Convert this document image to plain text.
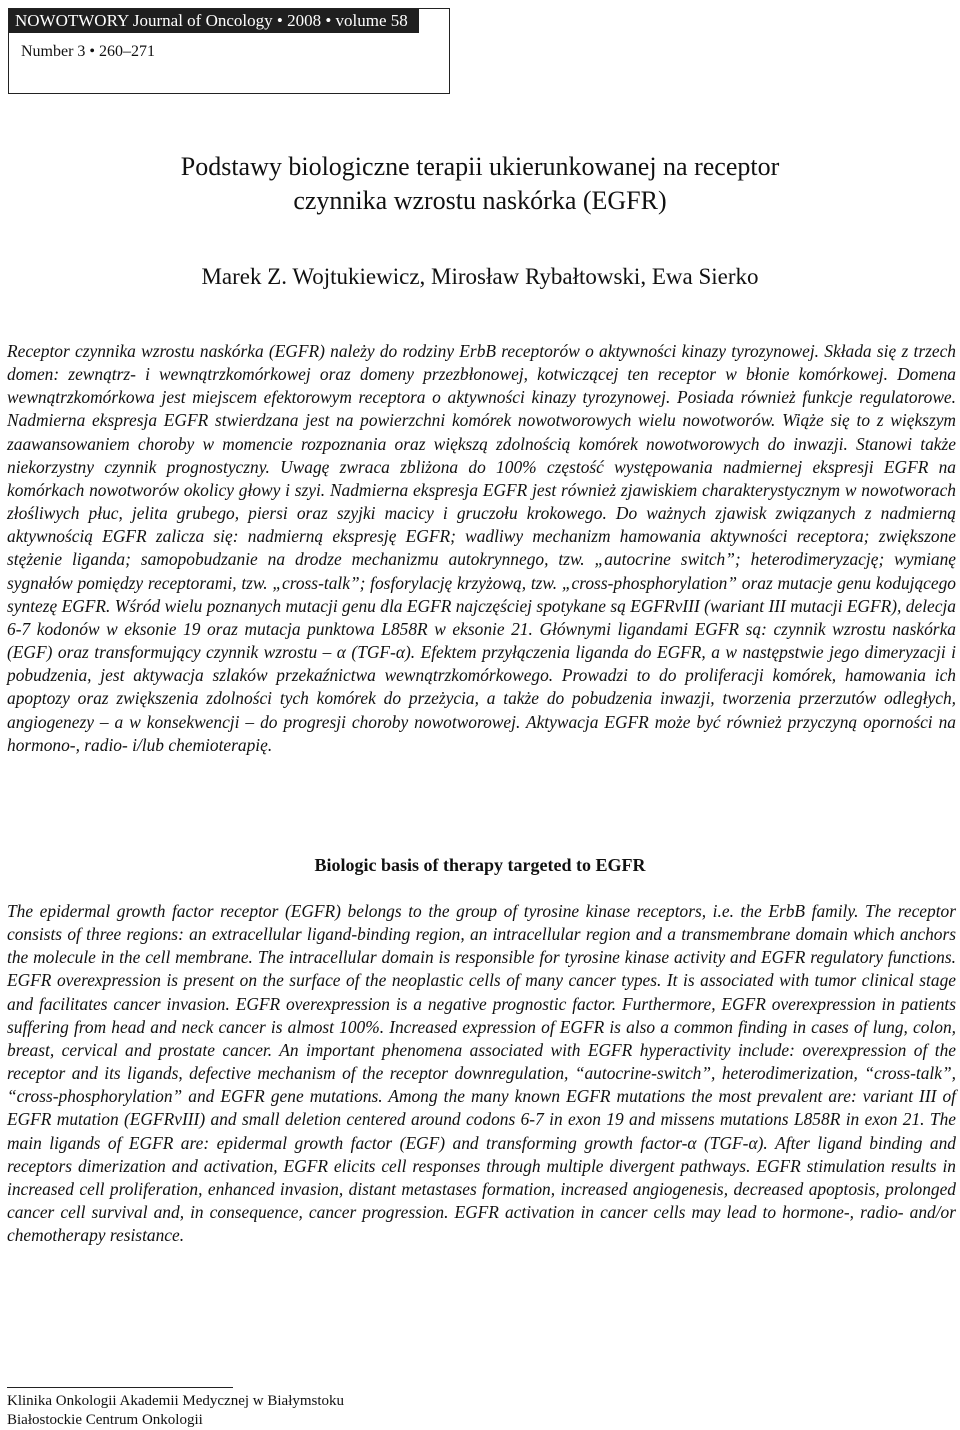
NOWOTWORY Journal of Oncology • 2008 • volume 58
Number 3 • 260–271
Podstawy biologiczne terapii ukierunkowanej na receptor
czynnika wzrostu naskórka (EGFR)
Marek Z. Wojtukiewicz, Mirosław Rybałtowski, Ewa Sierko

Receptor czynnika wzrostu naskórka (EGFR) należy do rodziny ErbB receptorów o aktywności kinazy tyrozynowej. Składa się z trzech domen: zewnątrz- i wewnątrzkomórkowej oraz domeny przezbłonowej, kotwiczącej ten receptor w błonie komórkowej. Domena wewnątrzkomórkowa jest miejscem efektorowym receptora o aktywności kinazy tyrozynowej. Posiada również funkcje regulatorowe. Nadmierna ekspresja EGFR stwierdzana jest na powierzchni komórek nowotworowych wielu nowotworów. Wiąże się to z większym zaawansowaniem choroby w momencie rozpoznania oraz większą zdolnością komórek nowotworowych do inwazji. Stanowi także niekorzystny czynnik prognostyczny. Uwagę zwraca zbliżona do 100% częstość występowania nadmiernej ekspresji EGFR na komórkach nowotworów okolicy głowy i szyi. Nadmierna ekspresja EGFR jest również zjawiskiem charakterystycznym w nowotworach złośliwych płuc, jelita grubego, piersi oraz szyjki macicy i gruczołu krokowego. Do ważnych zjawisk związanych z nadmierną aktywnością EGFR zalicza się: nadmierną ekspresję EGFR; wadliwy mechanizm hamowania aktywności receptora; zwiększone stężenie liganda; samopobudzanie na drodze mechanizmu autokrynnego, tzw. „autocrine switch”; heterodimeryzację; wymianę sygnałów pomiędzy receptorami, tzw. „cross-talk”; fosforylację krzyżową, tzw. „cross-phosphorylation” oraz mutacje genu kodującego syntezę EGFR. Wśród wielu poznanych mutacji genu dla EGFR najczęściej spotykane są EGFRvIII (wariant III mutacji EGFR), delecja 6-7 kodonów w eksonie 19 oraz mutacja punktowa L858R w eksonie 21. Głównymi ligandami EGFR są: czynnik wzrostu naskórka (EGF) oraz transformujący czynnik wzrostu – α (TGF-α). Efektem przyłączenia liganda do EGFR, a w następstwie jego dimeryzacji i pobudzenia, jest aktywacja szlaków przekaźnictwa wewnątrzkomórkowego. Prowadzi to do proliferacji komórek, hamowania ich apoptozy oraz zwiększenia zdolności tych komórek do przeżycia, a także do pobudzenia inwazji, tworzenia przerzutów odległych, angiogenezy – a w konsekwencji – do progresji choroby nowotworowej. Aktywacja EGFR może być również przyczyną oporności na hormono-, radio- i/lub chemioterapię.

Biologic basis of therapy targeted to EGFR

The epidermal growth factor receptor (EGFR) belongs to the group of tyrosine kinase receptors, i.e. the ErbB family. The receptor consists of three regions: an extracellular ligand-binding region, an intracellular region and a transmembrane domain which anchors the molecule in the cell membrane. The intracellular domain is responsible for tyrosine kinase activity and EGFR regulatory functions. EGFR overexpression is present on the surface of the neoplastic cells of many cancer types. It is associated with tumor clinical stage and facilitates cancer invasion. EGFR overexpression is a negative prognostic factor. Furthermore, EGFR overexpression in patients suffering from head and neck cancer is almost 100%. Increased expression of EGFR is also a common finding in cases of lung, colon, breast, cervical and prostate cancer. An important phenomena associated with EGFR hyperactivity include: overexpression of the receptor and its ligands, defective mechanism of the receptor downregulation, “autocrine-switch”, heterodimerization, “cross-talk”, “cross-phosphorylation” and EGFR gene mutations. Among the many known EGFR mutations the most prevalent are: variant III of EGFR mutation (EGFRvIII) and small deletion centered around codons 6-7 in exon 19 and missens mutations L858R in exon 21. The main ligands of EGFR are: epidermal growth factor (EGF) and transforming growth factor-α (TGF-α). After ligand binding and receptors dimerization and activation, EGFR elicits cell responses through multiple divergent pathways. EGFR stimulation results in increased cell proliferation, enhanced invasion, distant metastases formation, increased angiogenesis, decreased apoptosis, prolonged cancer cell survival and, in consequence, cancer progression. EGFR activation in cancer cells may lead to hormone-, radio- and/or chemotherapy resistance.

Klinika Onkologii Akademii Medycznej w Białymstoku
Białostockie Centrum Onkologii
